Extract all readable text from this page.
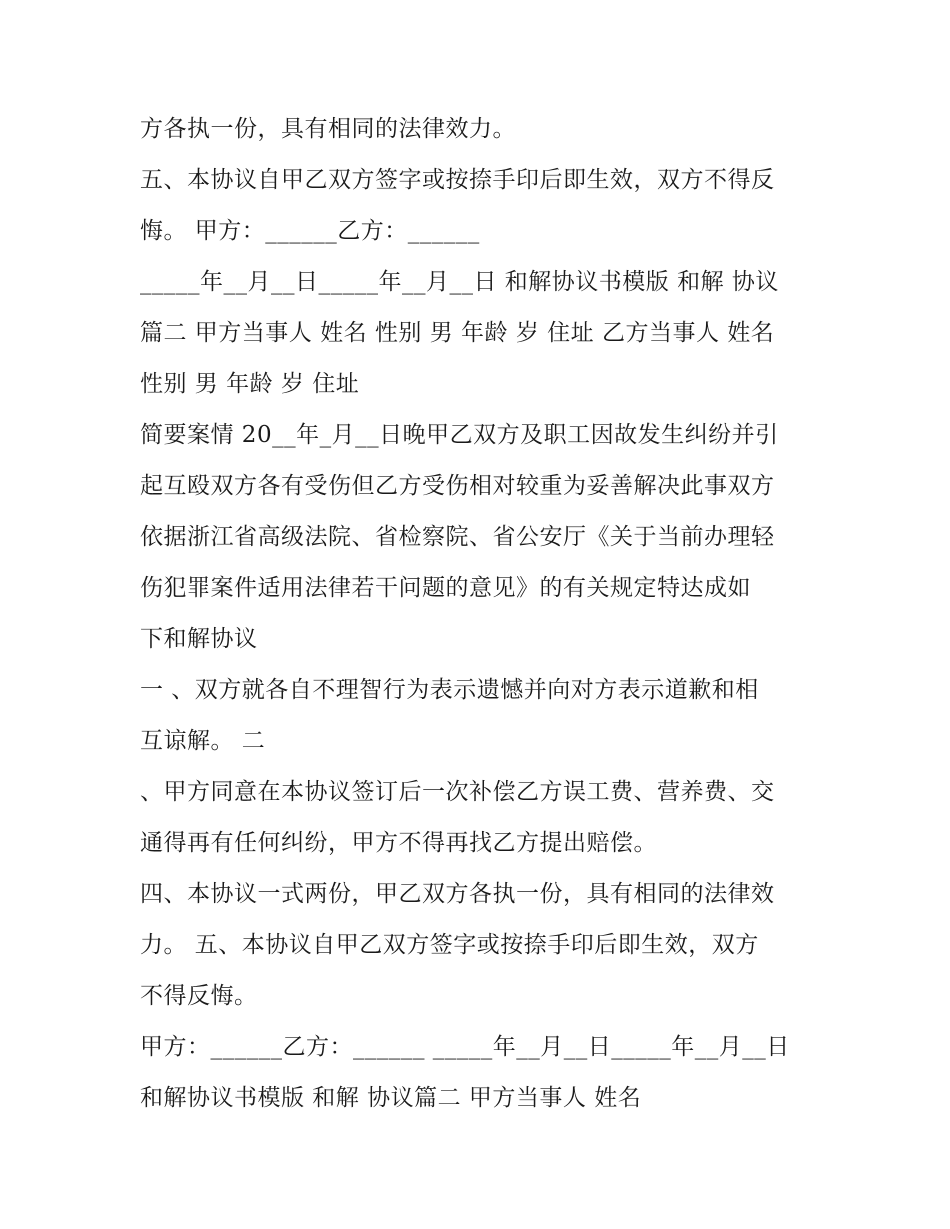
方各执一份，具有相同的法律效力。
五、本协议自甲乙双方签字或按捺手印后即生效，双方不得反
悔。 甲方：______乙方：______
_____年__月__日_____年__月__日 和解协议书模版 和解 协议
篇二 甲方当事人 姓名 性别 男 年龄 岁 住址 乙方当事人 姓名
性别 男 年龄 岁 住址
简要案情 20__年_月__日晚甲乙双方及职工因故发生纠纷并引
起互殴双方各有受伤但乙方受伤相对较重为妥善解决此事双方
依据浙江省高级法院、省检察院、省公安厅《关于当前办理轻
伤犯罪案件适用法律若干问题的意见》的有关规定特达成如
下和解协议
一 、双方就各自不理智行为表示遗憾并向对方表示道歉和相
互谅解。 二
、甲方同意在本协议签订后一次补偿乙方误工费、营养费、交
通得再有任何纠纷，甲方不得再找乙方提出赔偿。
四、本协议一式两份，甲乙双方各执一份，具有相同的法律效
力。 五、本协议自甲乙双方签字或按捺手印后即生效，双方
不得反悔。
甲方：______乙方：______ _____年__月__日_____年__月__日
和解协议书模版 和解 协议篇二 甲方当事人 姓名
